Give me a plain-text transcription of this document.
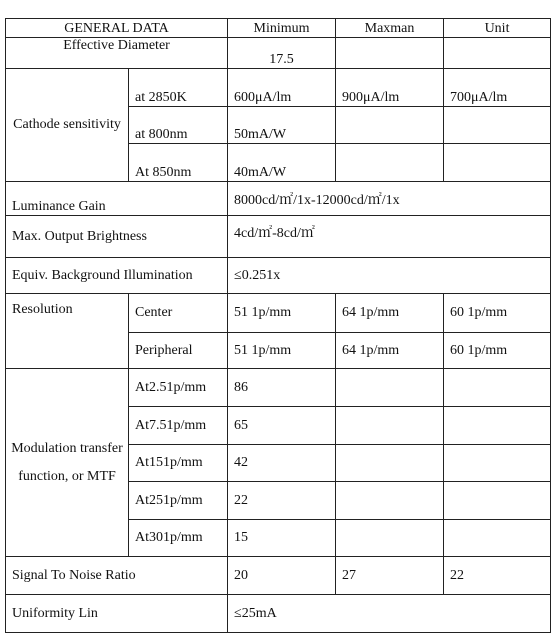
GENERAL DATA		Minimum	Maxman	Unit
Effective Diameter		17.5		
Cathode sensitivity	at 2850K	600μA/lm	900μA/lm	700μA/lm
	at 800nm	50mA/W		
	At 850nm	40mA/W		
Luminance Gain		8000cd/㎡/1x-12000cd/㎡/1x		
Max. Output Brightness		4cd/㎡-8cd/㎡		
Equiv. Background Illumination		≤0.251x		
Resolution	Center	51 1p/mm	64 1p/mm	60 1p/mm
	Peripheral	51 1p/mm	64 1p/mm	60 1p/mm
Modulation transfer function, or MTF	At2.51p/mm	86		
	At7.51p/mm	65		
	At151p/mm	42		
	At251p/mm	22		
	At301p/mm	15		
Signal To Noise Ratio		20	27	22
Uniformity Lin		≤25mA		
